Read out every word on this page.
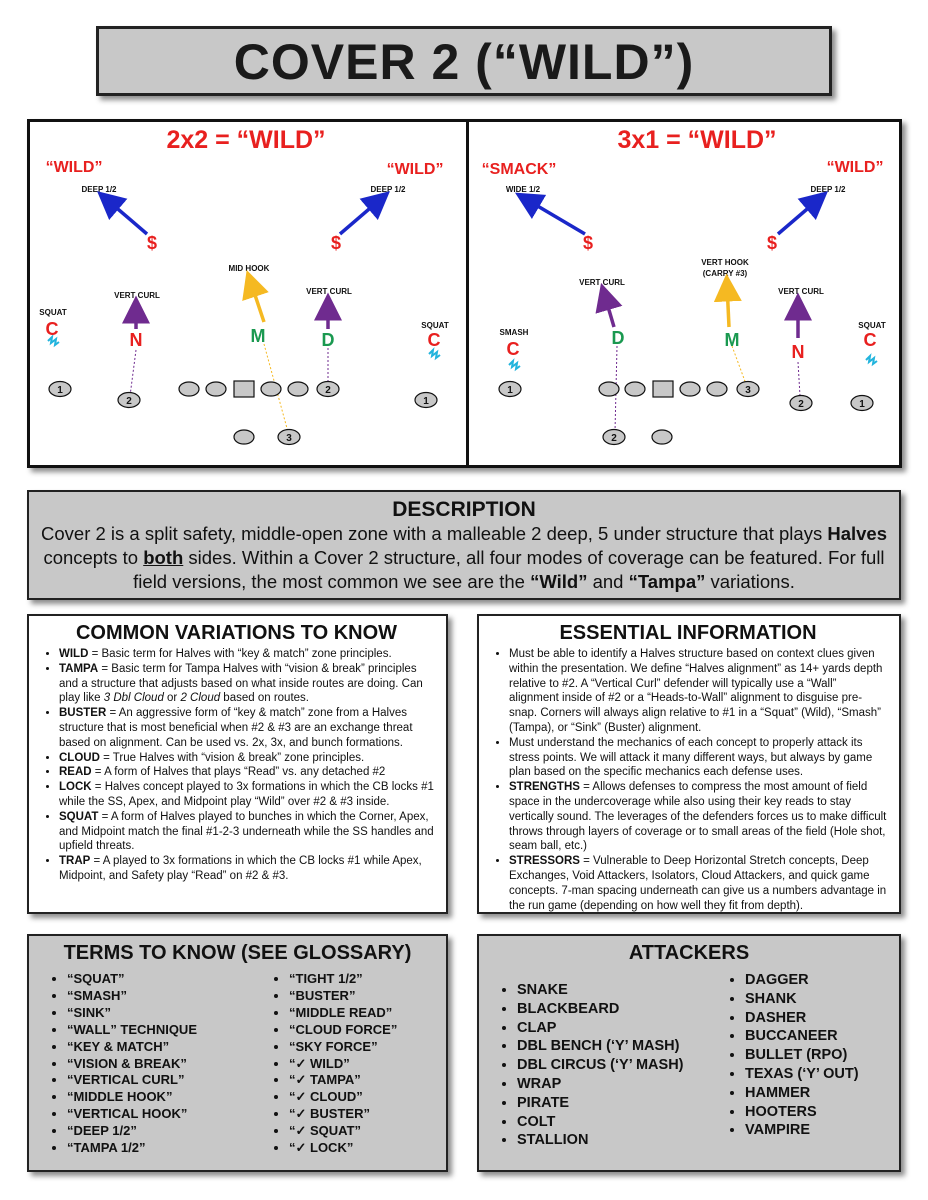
COVER 2 (“WILD”)
2x2 = “WILD”
“WILD”	“WILD”
DEEP 1/2	DEEP 1/2
MID HOOK
VERT CURL	VERT CURL
SQUAT
SQUAT
$	$
C
N	M	D	C
1
2
2
1
3
3x1 = “WILD”
“SMACK”	“WILD”
WIDE 1/2	DEEP 1/2
VERT CURL
VERT HOOK
(CARRY #3)
VERT CURL
SMASH
SQUAT
$	$
C
D	M
N
C
1	3
2
2	1
DESCRIPTION
Cover 2 is a split safety, middle-open zone with a malleable 2 deep, 5 under structure that plays Halves
concepts to both sides. Within a Cover 2 structure, all four modes of coverage can be featured. For full
field versions, the most common we see are the “Wild” and “Tampa” variations.
COMMON VARIATIONS TO KNOW
• WILD = Basic term for Halves with “key & match” zone principles.
• TAMPA = Basic term for Tampa Halves with “vision & break” principles and a structure that adjusts based on what inside routes are doing. Can play like 3 Dbl Cloud or 2 Cloud based on routes.
• BUSTER = An aggressive form of “key & match” zone from a Halves structure that is most beneficial when #2 & #3 are an exchange threat based on alignment. Can be used vs. 2x, 3x, and bunch formations.
• CLOUD = True Halves with “vision & break” zone principles.
• READ = A form of Halves that plays “Read” vs. any detached #2
• LOCK = Halves concept played to 3x formations in which the CB locks #1 while the SS, Apex, and Midpoint play “Wild” over #2 & #3 inside.
• SQUAT = A form of Halves played to bunches in which the Corner, Apex, and Midpoint match the final #1-2-3 underneath while the SS handles and upfield threats.
• TRAP = A played to 3x formations in which the CB locks #1 while Apex, Midpoint, and Safety play “Read” on #2 & #3.
ESSENTIAL INFORMATION
• Must be able to identify a Halves structure based on context clues given within the presentation. We define “Halves alignment” as 14+ yards depth relative to #2. A “Vertical Curl” defender will typically use a “Wall” alignment inside of #2 or a “Heads-to-Wall” alignment to disguise pre-snap. Corners will always align relative to #1 in a “Squat” (Wild), “Smash” (Tampa), or “Sink” (Buster) alignment.
• Must understand the mechanics of each concept to properly attack its stress points. We will attack it many different ways, but always by game plan based on the specific mechanics each defense uses.
• STRENGTHS = Allows defenses to compress the most amount of field space in the undercoverage while also using their key reads to stay vertically sound. The leverages of the defenders forces us to make difficult throws through layers of coverage or to small areas of the field (Hole shot, seam ball, etc.)
• STRESSORS = Vulnerable to Deep Horizontal Stretch concepts, Deep Exchanges, Void Attackers, Isolators, Cloud Attackers, and quick game concepts. 7-man spacing underneath can give us a numbers advantage in the run game (depending on how well they fit from depth).
TERMS TO KNOW (SEE GLOSSARY)
• “SQUAT”
• “SMASH”
• “SINK”
• “WALL” TECHNIQUE
• “KEY & MATCH”
• “VISION & BREAK”
• “VERTICAL CURL”
• “MIDDLE HOOK”
• “VERTICAL HOOK”
• “DEEP 1/2”
• “TAMPA 1/2”
• “TIGHT 1/2”
• “BUSTER”
• “MIDDLE READ”
• “CLOUD FORCE”
• “SKY FORCE”
• “✓ WILD”
• “✓ TAMPA”
• “✓ CLOUD”
• “✓ BUSTER”
• “✓ SQUAT”
• “✓ LOCK”
ATTACKERS
• SNAKE
• BLACKBEARD
• CLAP
• DBL BENCH (‘Y’ MASH)
• DBL CIRCUS (‘Y’ MASH)
• WRAP
• PIRATE
• COLT
• STALLION
• DAGGER
• SHANK
• DASHER
• BUCCANEER
• BULLET (RPO)
• TEXAS (‘Y’ OUT)
• HAMMER
• HOOTERS
• VAMPIRE
